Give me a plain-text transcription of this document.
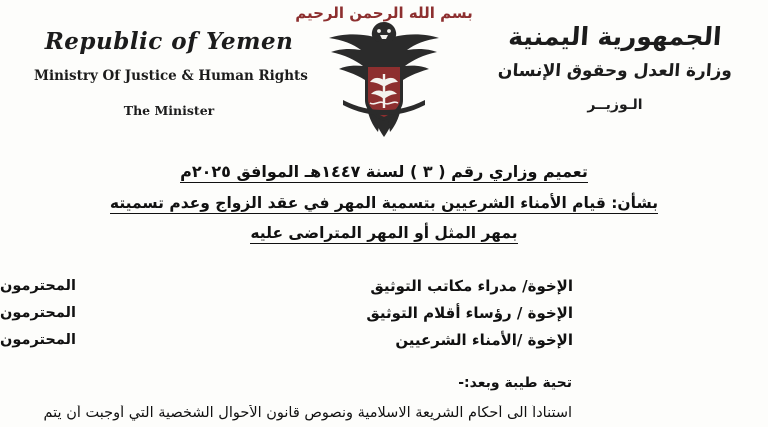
Republic of Yemen
Ministry Of Justice & Human Rights
The Minister
بسم الله الرحمن الرحيم
الجمهورية اليمنية
وزارة العدل وحقوق الإنسان
الـوزيــر
تعميم وزاري رقم ( ٣ ) لسنة ١٤٤٧هـ الموافق ٢٠٢٥م
بشأن: قيام الأمناء الشرعيين بتسمية المهر في عقد الزواج وعدم تسميته
بمهر المثل أو المهر المتراضى عليه
الإخوة/ مدراء مكاتب التوثيق
المحترمون
الإخوة / رؤساء أقلام التوثيق
المحترمون
الإخوة /الأمناء الشرعيين
المحترمون
تحية طيبة وبعد:-
استناداً الى أحكام الشريعة الاسلامية ونصوص قانون الأحوال الشخصية التي أوجبت أن يتم
